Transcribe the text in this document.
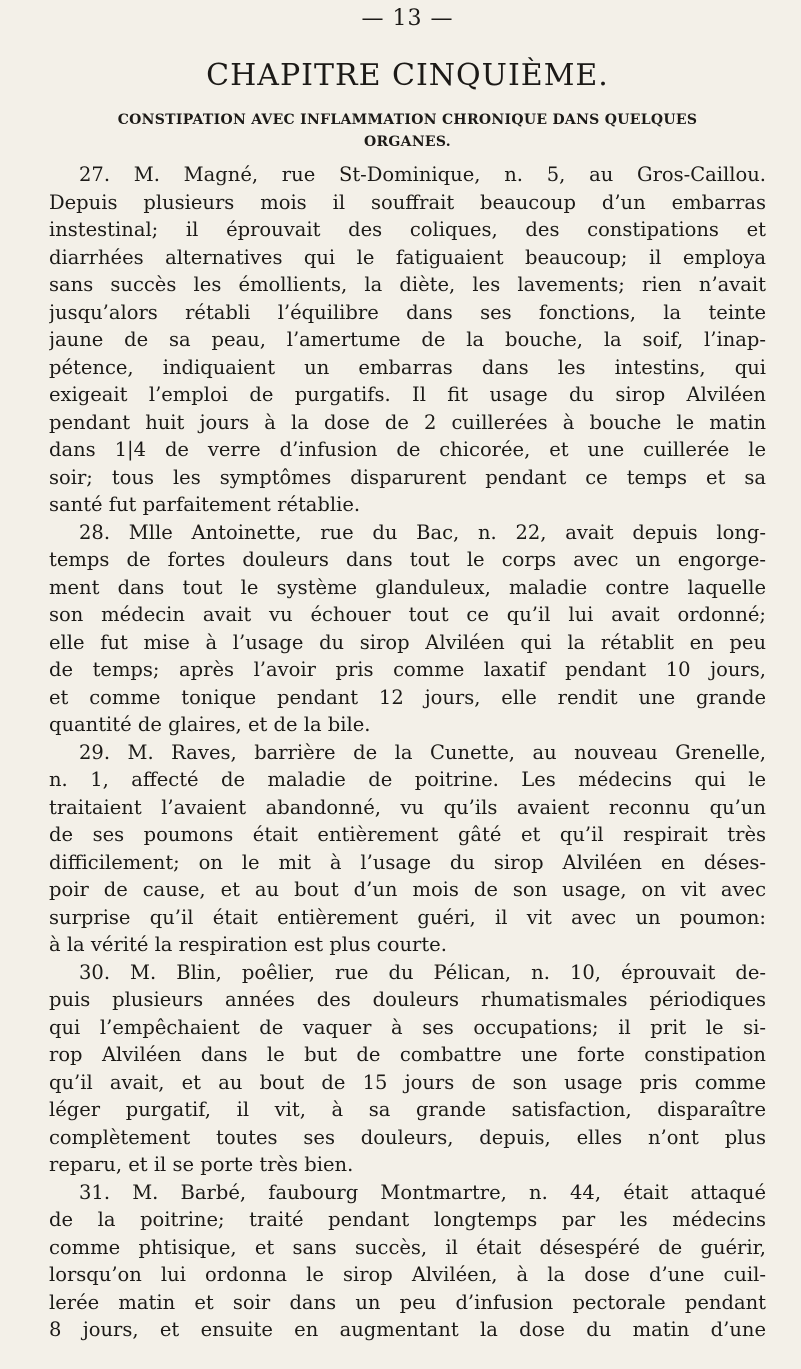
— 13 —
CHAPITRE CINQUIÈME.
CONSTIPATION AVEC INFLAMMATION CHRONIQUE DANS QUELQUES
ORGANES.
27. M. Magné, rue St-Dominique, n. 5, au Gros-Caillou.
Depuis plusieurs mois il souffrait beaucoup d’un embarras
instestinal; il éprouvait des coliques, des constipations et
diarrhées alternatives qui le fatiguaient beaucoup; il employa
sans succès les émollients, la diète, les lavements; rien n’avait
jusqu’alors rétabli l’équilibre dans ses fonctions, la teinte
jaune de sa peau, l’amertume de la bouche, la soif, l’inap-
pétence, indiquaient un embarras dans les intestins, qui
exigeait l’emploi de purgatifs. Il fit usage du sirop Alviléen
pendant huit jours à la dose de 2 cuillerées à bouche le matin
dans 1|4 de verre d’infusion de chicorée, et une cuillerée le
soir; tous les symptômes disparurent pendant ce temps et sa
santé fut parfaitement rétablie.
28. Mlle Antoinette, rue du Bac, n. 22, avait depuis long-
temps de fortes douleurs dans tout le corps avec un engorge-
ment dans tout le système glanduleux, maladie contre laquelle
son médecin avait vu échouer tout ce qu’il lui avait ordonné;
elle fut mise à l’usage du sirop Alviléen qui la rétablit en peu
de temps; après l’avoir pris comme laxatif pendant 10 jours,
et comme tonique pendant 12 jours, elle rendit une grande
quantité de glaires, et de la bile.
29. M. Raves, barrière de la Cunette, au nouveau Grenelle,
n. 1, affecté de maladie de poitrine. Les médecins qui le
traitaient l’avaient abandonné, vu qu’ils avaient reconnu qu’un
de ses poumons était entièrement gâté et qu’il respirait très
difficilement; on le mit à l’usage du sirop Alviléen en déses-
poir de cause, et au bout d’un mois de son usage, on vit avec
surprise qu’il était entièrement guéri, il vit avec un poumon:
à la vérité la respiration est plus courte.
30. M. Blin, poêlier, rue du Pélican, n. 10, éprouvait de-
puis plusieurs années des douleurs rhumatismales périodiques
qui l’empêchaient de vaquer à ses occupations; il prit le si-
rop Alviléen dans le but de combattre une forte constipation
qu’il avait, et au bout de 15 jours de son usage pris comme
léger purgatif, il vit, à sa grande satisfaction, disparaître
complètement toutes ses douleurs, depuis, elles n’ont plus
reparu, et il se porte très bien.
31. M. Barbé, faubourg Montmartre, n. 44, était attaqué
de la poitrine; traité pendant longtemps par les médecins
comme phtisique, et sans succès, il était désespéré de guérir,
lorsqu’on lui ordonna le sirop Alviléen, à la dose d’une cuil-
lerée matin et soir dans un peu d’infusion pectorale pendant
8 jours, et ensuite en augmentant la dose du matin d’une
